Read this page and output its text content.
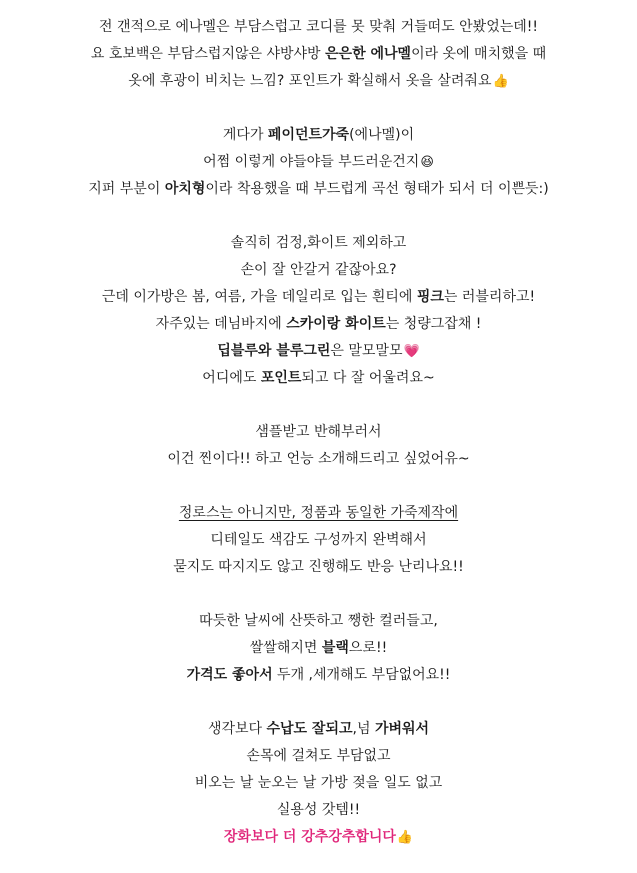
전 갠적으로 에나멜은 부담스럽고 코디를 못 맞춰 거들떠도 안봤었는데!!
요 호보백은 부담스럽지않은 샤방샤방 은은한 에나멜이라 옷에 매치했을 때
옷에 후광이 비치는 느낌? 포인트가 확실해서 옷을 살려줘요👍
게다가 페이던트가죽(에나멜)이
어쩜 이렇게 야들야들 부드러운건지😆
지퍼 부분이 아치형이라 착용했을 때 부드럽게 곡선 형태가 되서 더 이쁜듯:)
솔직히 검정,화이트 제외하고
손이 잘 안갈거 같잖아요?
근데 이가방은 봄, 여름, 가을 데일리로 입는 흰티에 핑크는 러블리하고!
자주있는 데님바지에 스카이랑 화이트는 청량그잡채 !
딥블루와 블루그린은 말모말모💗
어디에도 포인트되고 다 잘 어울려요~
샘플받고 반해부러서
이건 찐이다!! 하고 언능 소개해드리고 싶었어유~
정로스는 아니지만, 정품과 동일한 가죽제작에
디테일도 색감도 구성까지 완벽해서
묻지도 따지지도 않고 진행해도 반응 난리나요!!
따듯한 날씨에 산뜻하고 쨍한 컬러들고,
쌀쌀해지면 블랙으로!!
가격도 좋아서 두개 ,세개해도 부담없어요!!
생각보다 수납도 잘되고,넘 가벼워서
손목에 걸쳐도 부담없고
비오는 날 눈오는 날 가방 젖을 일도 없고
실용성 갓템!!
장화보다 더 강추강추합니다👍
